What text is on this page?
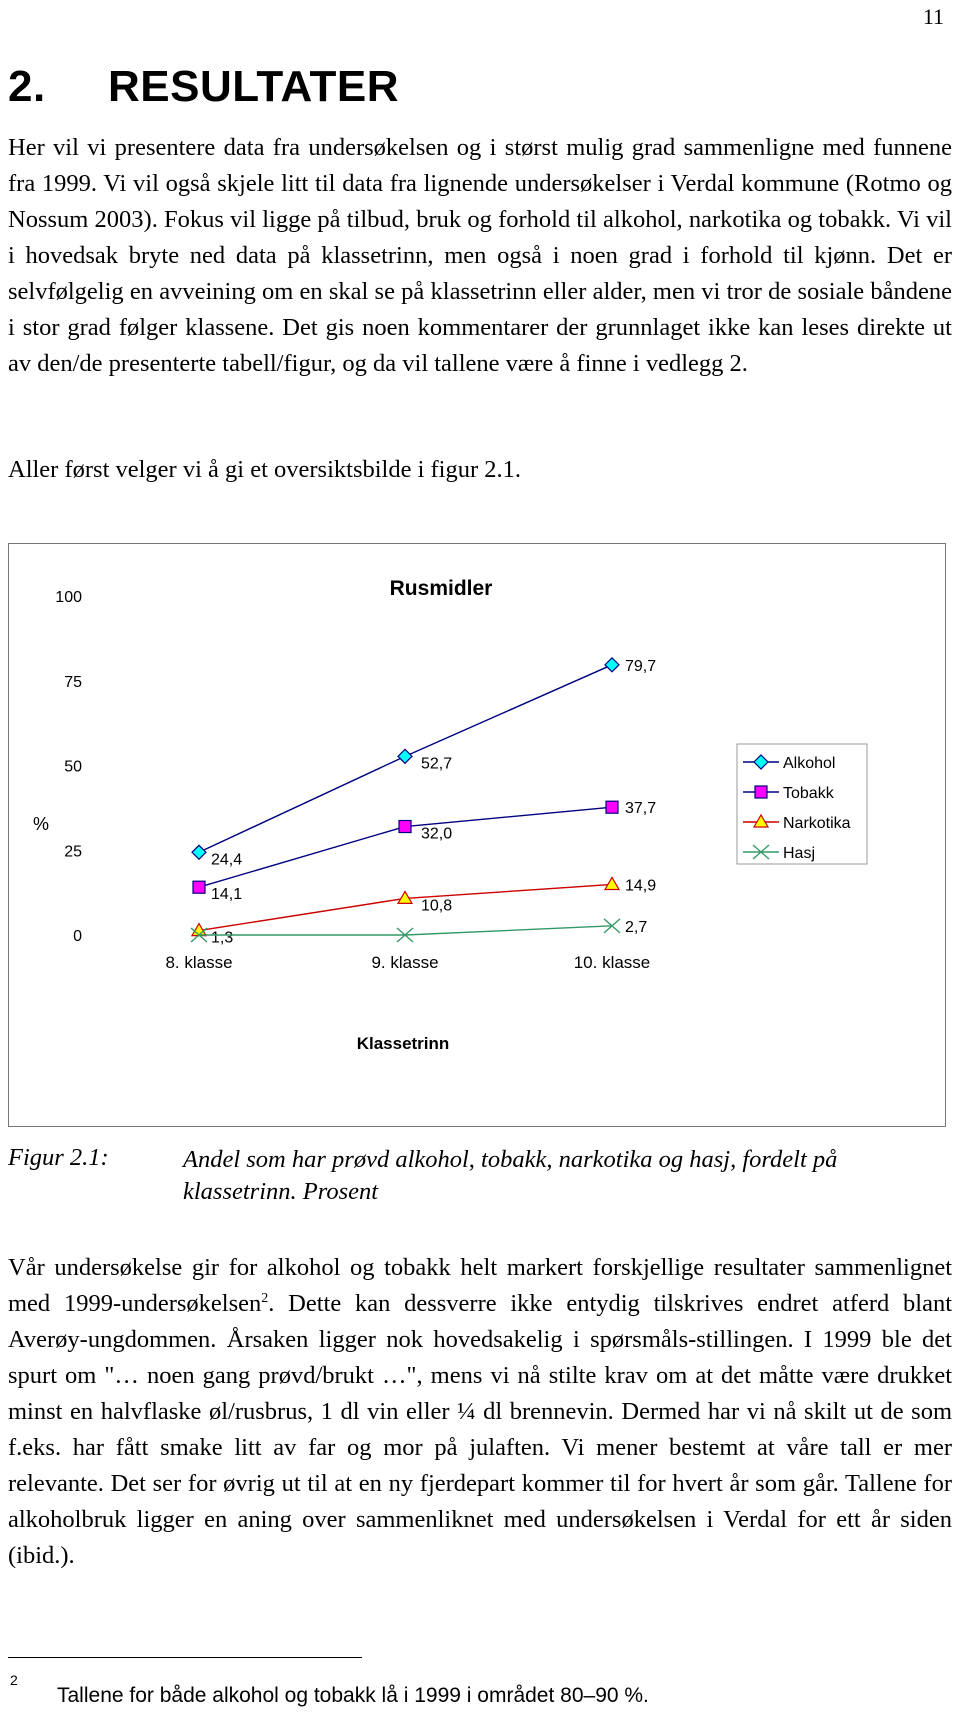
11
2. RESULTATER

Her vil vi presentere data fra undersøkelsen og i størst mulig grad sammenligne med funnene fra 1999. Vi vil også skjele litt til data fra lignende undersøkelser i Verdal kommune (Rotmo og Nossum 2003). Fokus vil ligge på tilbud, bruk og forhold til alkohol, narkotika og tobakk. Vi vil i hovedsak bryte ned data på klassetrinn, men også i noen grad i forhold til kjønn. Det er selvfølgelig en avveining om en skal se på klassetrinn eller alder, men vi tror de sosiale båndene i stor grad følger klassene. Det gis noen kommentarer der grunnlaget ikke kan leses direkte ut av den/de presenterte tabell/figur, og da vil tallene være å finne i vedlegg 2.

Aller først velger vi å gi et oversiktsbilde i figur 2.1.

Rusmidler
%
Klassetrinn
0
25
50
75
100
8. klasse	9. klasse	10. klasse
24,4
52,7
79,7
14,1
32,0
37,7
1,3
10,8
14,9
2,7
Alkohol
Tobakk
Narkotika
Hasj
Figur 2.1:	Andel som har prøvd alkohol, tobakk, narkotika og hasj, fordelt på klassetrinn. Prosent

Vår undersøkelse gir for alkohol og tobakk helt markert forskjellige resultater sammenlignet med 1999-undersøkelsen$^2$. Dette kan dessverre ikke entydig tilskrives endret atferd blant Averøy-ungdommen. Årsaken ligger nok hovedsakelig i spørsmåls-stillingen. I 1999 ble det spurt om "… noen gang prøvd/brukt …", mens vi nå stilte krav om at det måtte være drukket minst en halvflaske øl/rusbrus, 1 dl vin eller ¼ dl brennevin. Dermed har vi nå skilt ut de som f.eks. har fått smake litt av far og mor på julaften. Vi mener bestemt at våre tall er mer relevante. Det ser for øvrig ut til at en ny fjerdepart kommer til for hvert år som går. Tallene for alkoholbruk ligger en aning over sammenliknet med undersøkelsen i Verdal for ett år siden (ibid.).

2
Tallene for både alkohol og tobakk lå i 1999 i området 80–90 %.
